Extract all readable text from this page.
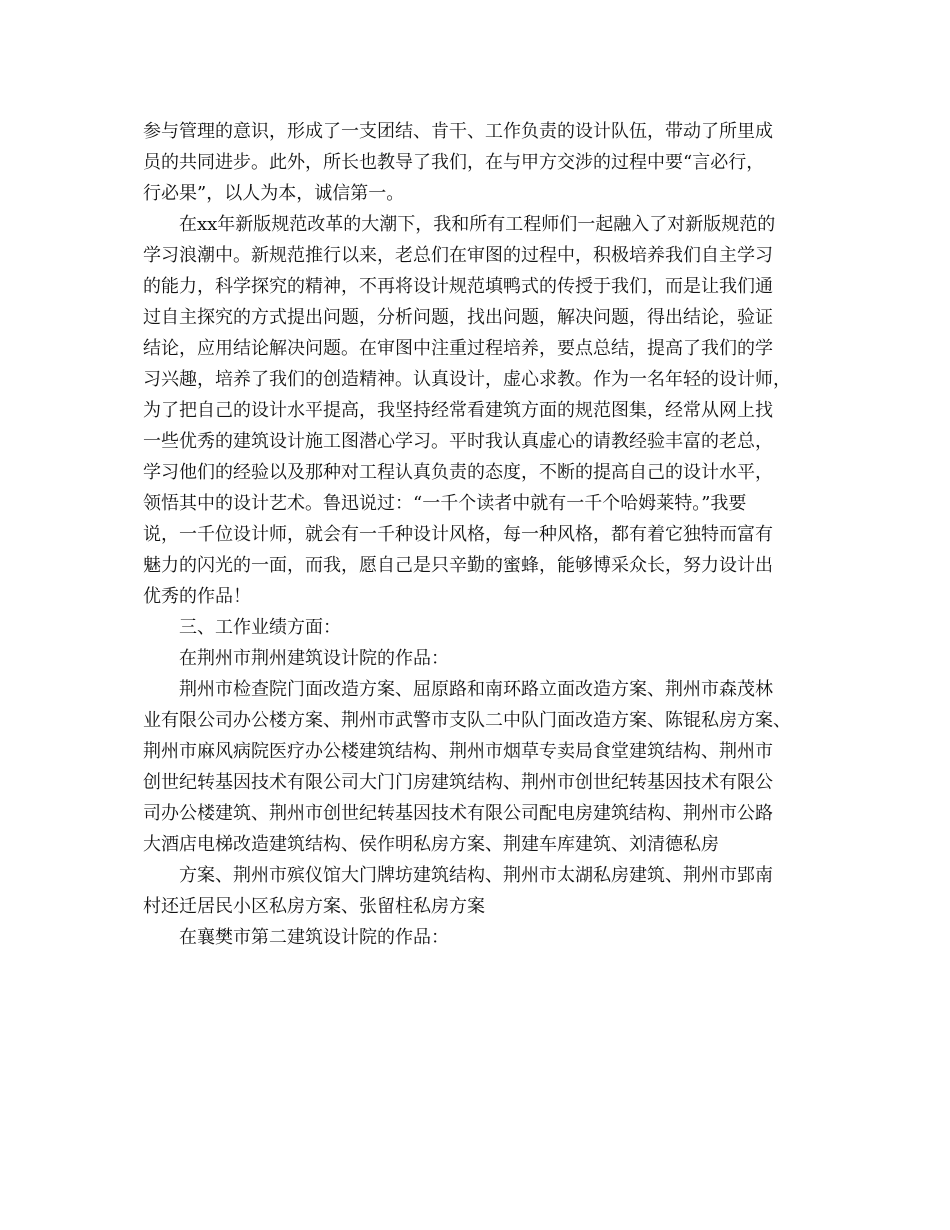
参与管理的意识，形成了一支团结、肯干、工作负责的设计队伍，带动了所里成
员的共同进步。此外，所长也教导了我们，在与甲方交涉的过程中要“言必行，
行必果”，以人为本，诚信第一。
在xx年新版规范改革的大潮下，我和所有工程师们一起融入了对新版规范的
学习浪潮中。新规范推行以来，老总们在审图的过程中，积极培养我们自主学习
的能力，科学探究的精神，不再将设计规范填鸭式的传授于我们，而是让我们通
过自主探究的方式提出问题，分析问题，找出问题，解决问题，得出结论，验证
结论，应用结论解决问题。在审图中注重过程培养，要点总结，提高了我们的学
习兴趣，培养了我们的创造精神。认真设计，虚心求教。作为一名年轻的设计师，
为了把自己的设计水平提高，我坚持经常看建筑方面的规范图集，经常从网上找
一些优秀的建筑设计施工图潜心学习。平时我认真虚心的请教经验丰富的老总，
学习他们的经验以及那种对工程认真负责的态度，不断的提高自己的设计水平，
领悟其中的设计艺术。鲁迅说过：“一千个读者中就有一千个哈姆莱特。”我要
说，一千位设计师，就会有一千种设计风格，每一种风格，都有着它独特而富有
魅力的闪光的一面，而我，愿自己是只辛勤的蜜蜂，能够博采众长，努力设计出
优秀的作品！
三、工作业绩方面：
在荆州市荆州建筑设计院的作品：
荆州市检查院门面改造方案、屈原路和南环路立面改造方案、荆州市森茂林
业有限公司办公楼方案、荆州市武警市支队二中队门面改造方案、陈锟私房方案、
荆州市麻风病院医疗办公楼建筑结构、荆州市烟草专卖局食堂建筑结构、荆州市
创世纪转基因技术有限公司大门门房建筑结构、荆州市创世纪转基因技术有限公
司办公楼建筑、荆州市创世纪转基因技术有限公司配电房建筑结构、荆州市公路
大酒店电梯改造建筑结构、侯作明私房方案、荆建车库建筑、刘清德私房
方案、荆州市殡仪馆大门牌坊建筑结构、荆州市太湖私房建筑、荆州市郢南
村还迁居民小区私房方案、张留柱私房方案
在襄樊市第二建筑设计院的作品：
